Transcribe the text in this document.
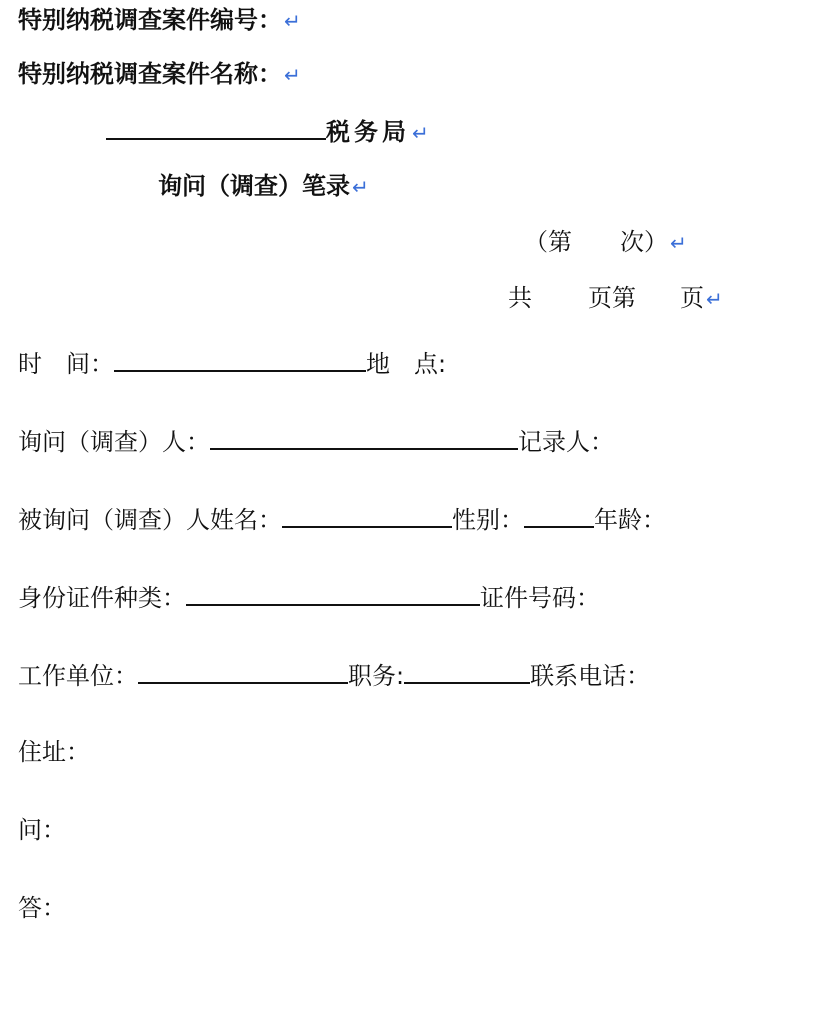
特别纳税调查案件编号： ↵
特别纳税调查案件名称： ↵
税务局 ↵
询问（调查）笔录 ↵
（第 次） ↵
共 页第 页 ↵
时　间：	地　点:
询问（调查）人：	记录人：
被询问（调查）人姓名：	性别：	年龄：
身份证件种类：	证件号码：
工作单位：	职务:	联系电话：
住址：
问：
答：
